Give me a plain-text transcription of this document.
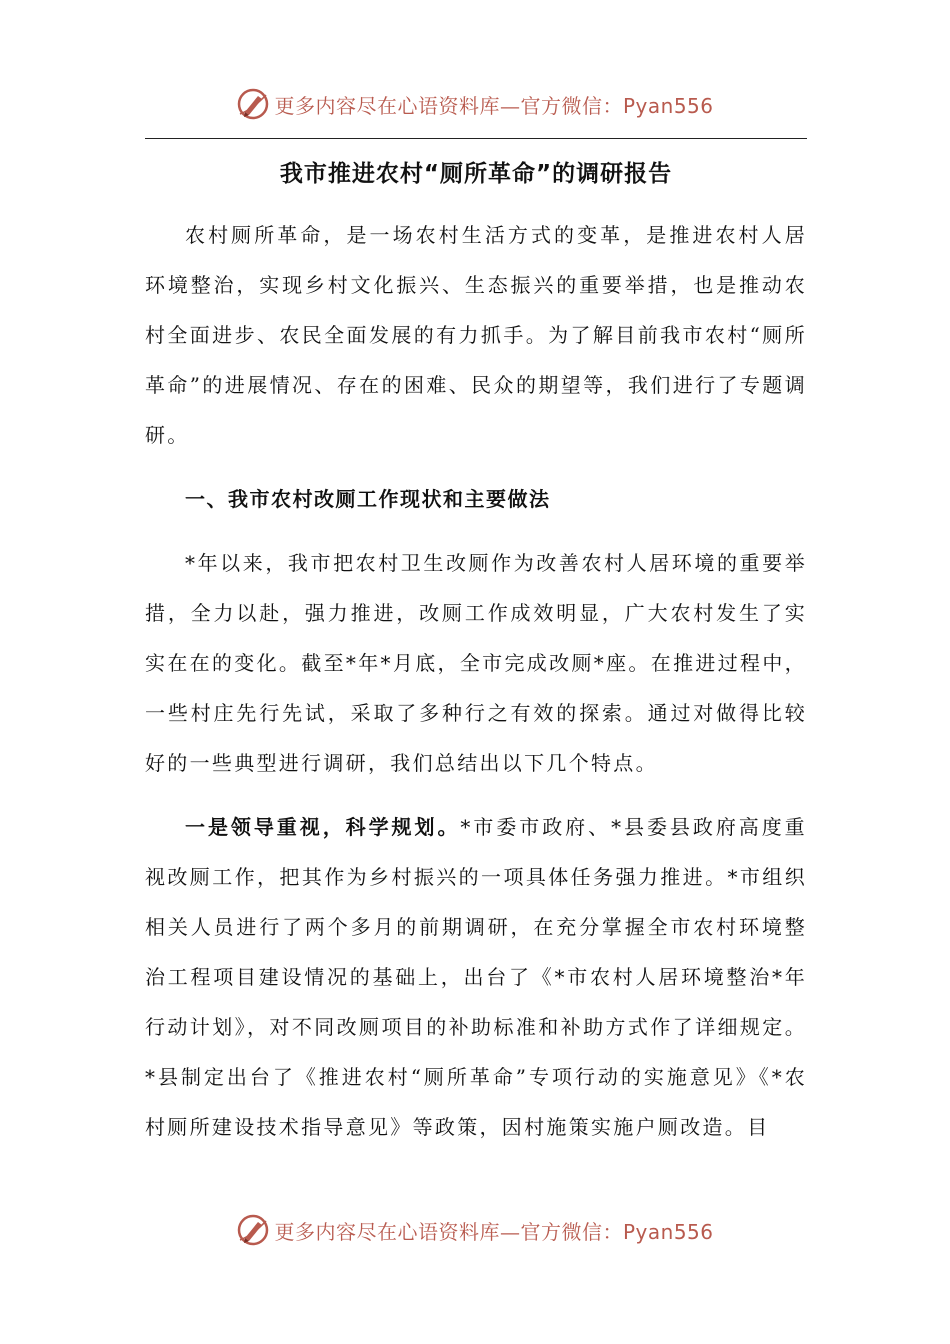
更多内容尽在心语资料库—官方微信：Pyan556
我市推进农村“厕所革命”的调研报告

农村厕所革命，是一场农村生活方式的变革，是推进农村人居环境整治，实现乡村文化振兴、生态振兴的重要举措，也是推动农村全面进步、农民全面发展的有力抓手。为了解目前我市农村“厕所革命”的进展情况、存在的困难、民众的期望等，我们进行了专题调研。

一、我市农村改厕工作现状和主要做法

*年以来，我市把农村卫生改厕作为改善农村人居环境的重要举措，全力以赴，强力推进，改厕工作成效明显，广大农村发生了实实在在的变化。截至*年*月底，全市完成改厕*座。在推进过程中，一些村庄先行先试，采取了多种行之有效的探索。通过对做得比较好的一些典型进行调研，我们总结出以下几个特点。

一是领导重视，科学规划。*市委市政府、*县委县政府高度重视改厕工作，把其作为乡村振兴的一项具体任务强力推进。*市组织相关人员进行了两个多月的前期调研，在充分掌握全市农村环境整治工程项目建设情况的基础上，出台了《*市农村人居环境整治*年行动计划》，对不同改厕项目的补助标准和补助方式作了详细规定。*县制定出台了《推进农村“厕所革命”专项行动的实施意见》《*农村厕所建设技术指导意见》等政策，因村施策实施户厕改造。目

更多内容尽在心语资料库—官方微信：Pyan556
